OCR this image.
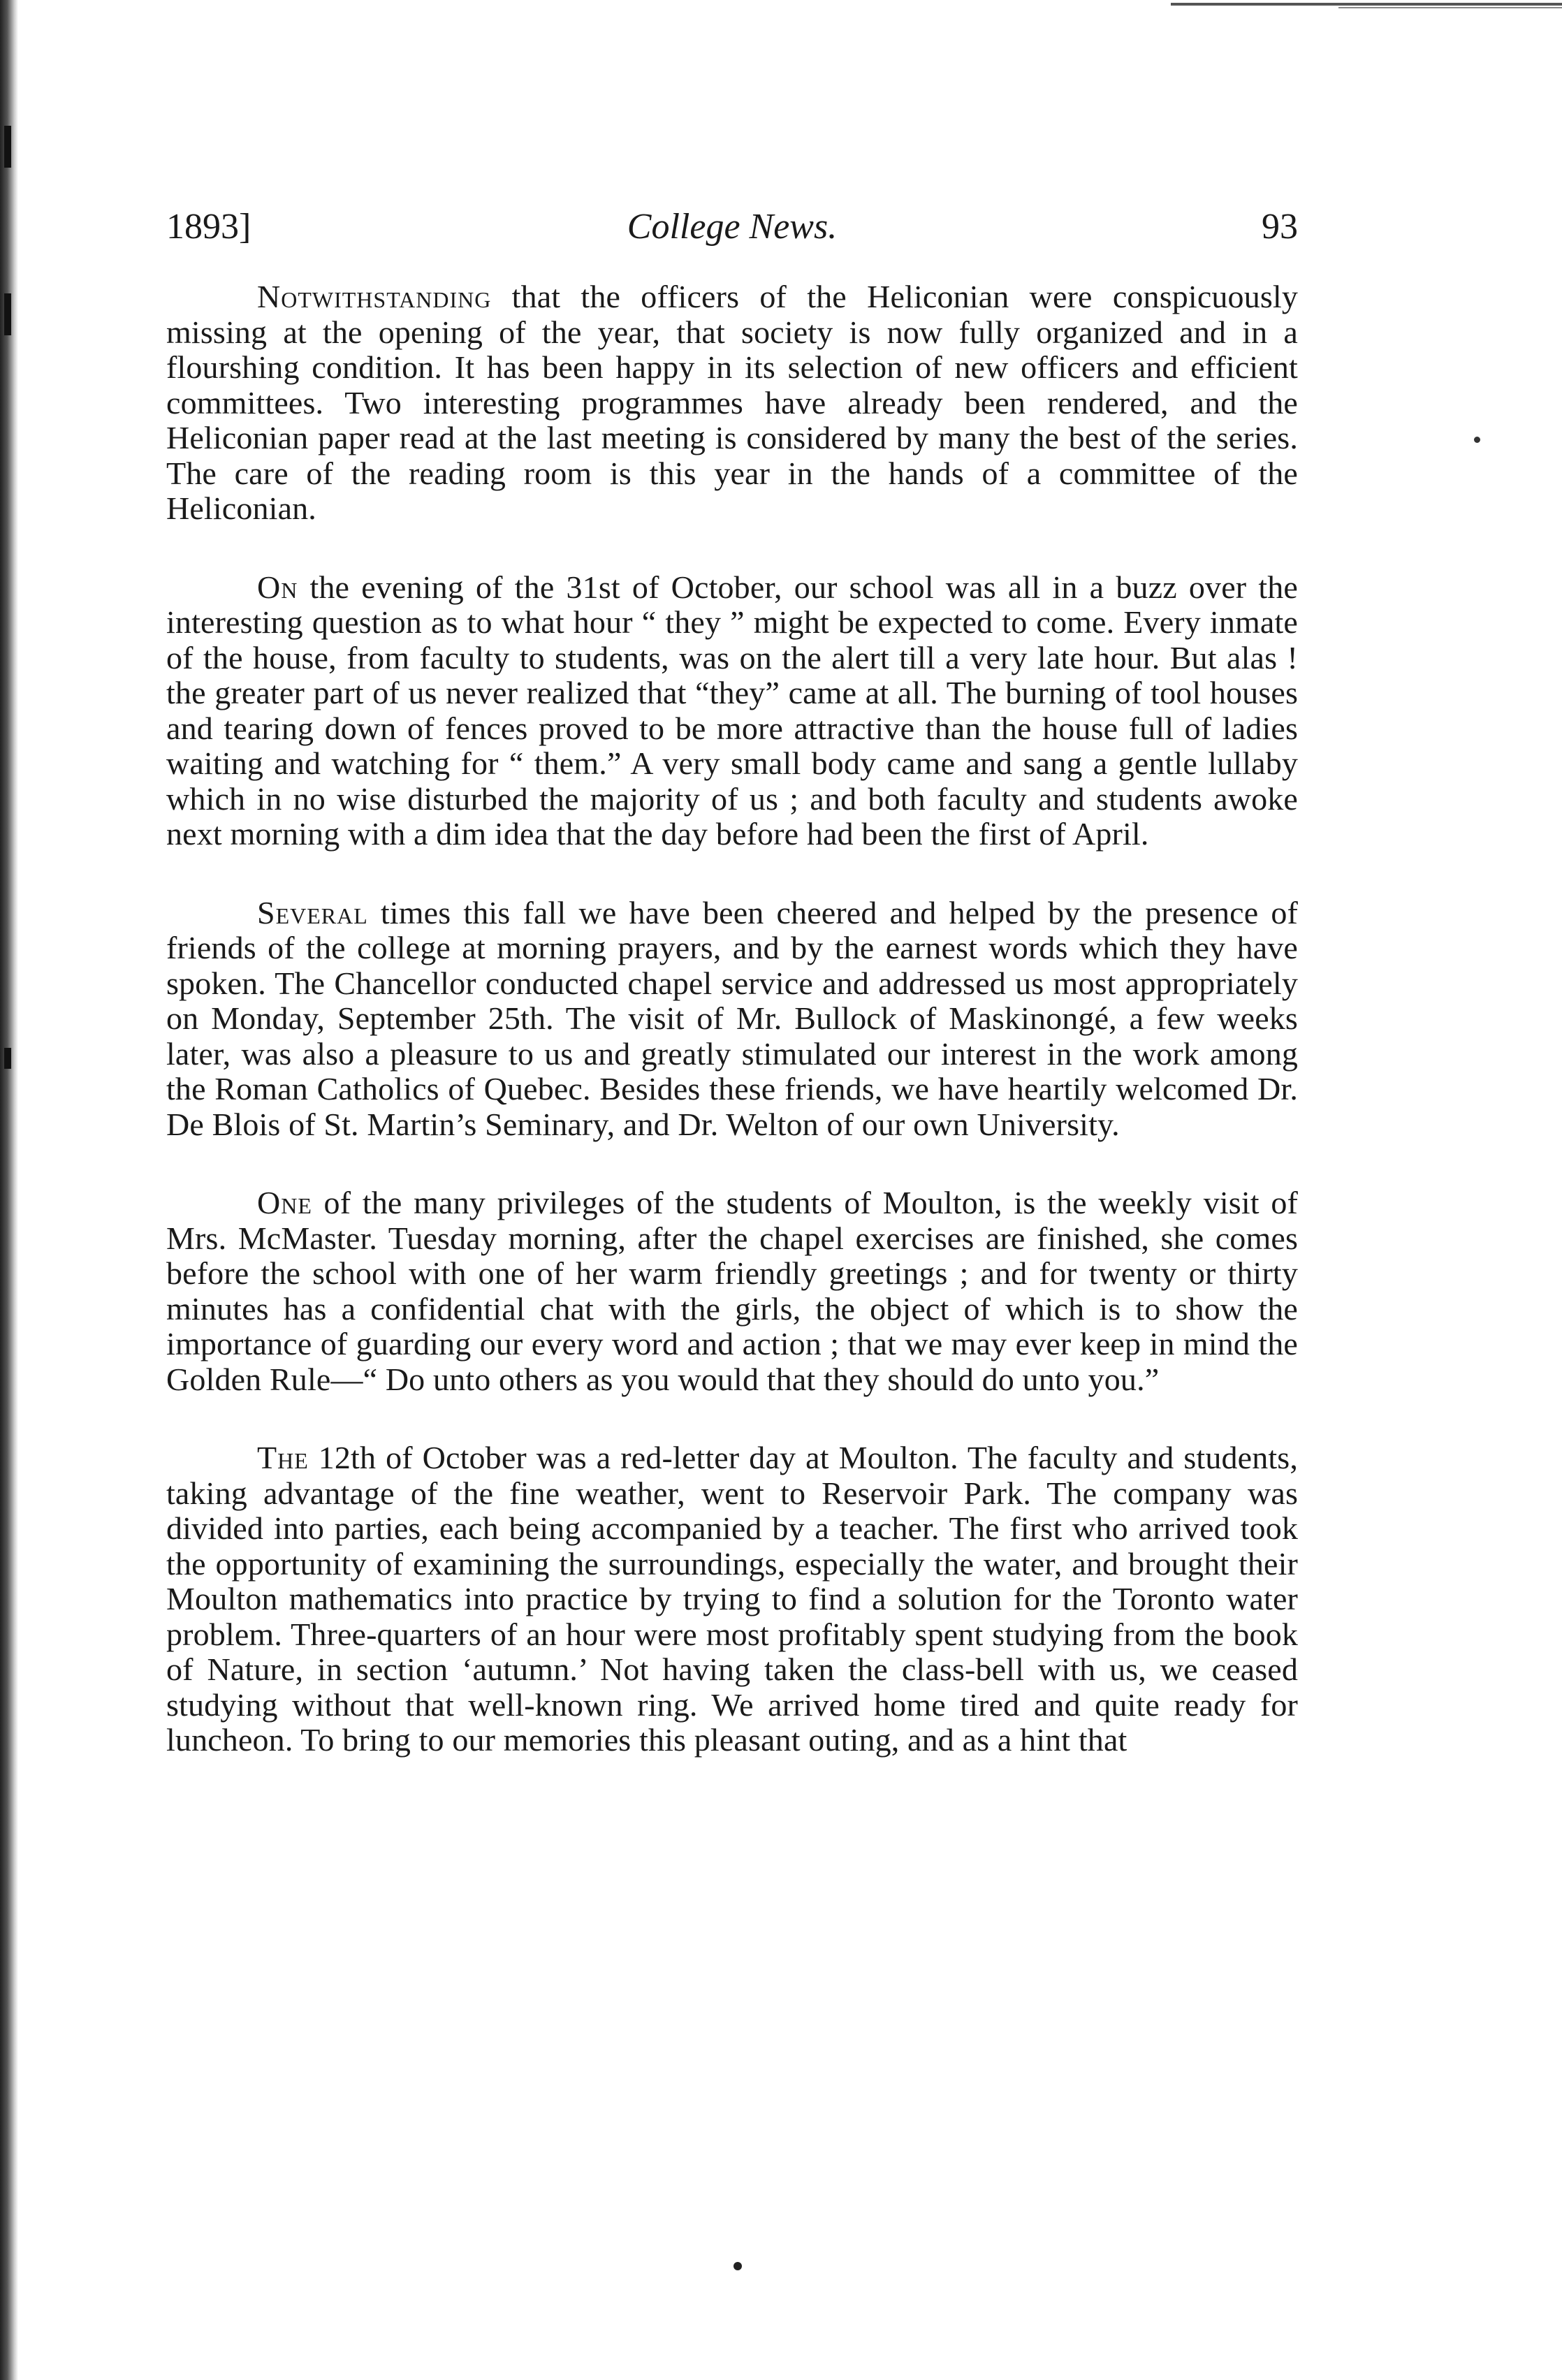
1893]	College News.	93

Notwithstanding that the officers of the Heliconian were conspicuously missing at the opening of the year, that society is now fully organized and in a flourshing condition. It has been happy in its selection of new officers and efficient committees. Two interesting programmes have already been rendered, and the Heliconian paper read at the last meeting is considered by many the best of the series. The care of the reading room is this year in the hands of a committee of the Heliconian.

On the evening of the 31st of October, our school was all in a buzz over the interesting question as to what hour “ they ” might be expected to come. Every inmate of the house, from faculty to students, was on the alert till a very late hour. But alas ! the greater part of us never realized that “they” came at all. The burning of tool houses and tearing down of fences proved to be more attractive than the house full of ladies waiting and watching for “ them.” A very small body came and sang a gentle lullaby which in no wise disturbed the majority of us ; and both faculty and students awoke next morning with a dim idea that the day before had been the first of April.

Several times this fall we have been cheered and helped by the presence of friends of the college at morning prayers, and by the earnest words which they have spoken. The Chancellor conducted chapel service and addressed us most appropriately on Monday, September 25th. The visit of Mr. Bullock of Maskinongé, a few weeks later, was also a pleasure to us and greatly stimulated our interest in the work among the Roman Catholics of Quebec. Besides these friends, we have heartily welcomed Dr. De Blois of St. Martin’s Seminary, and Dr. Welton of our own University.

One of the many privileges of the students of Moulton, is the weekly visit of Mrs. McMaster. Tuesday morning, after the chapel exercises are finished, she comes before the school with one of her warm friendly greetings ; and for twenty or thirty minutes has a confidential chat with the girls, the object of which is to show the importance of guarding our every word and action ; that we may ever keep in mind the Golden Rule—“ Do unto others as you would that they should do unto you.”

The 12th of October was a red-letter day at Moulton. The faculty and students, taking advantage of the fine weather, went to Reservoir Park. The company was divided into parties, each being accompanied by a teacher. The first who arrived took the opportunity of examining the surroundings, especially the water, and brought their Moulton mathematics into practice by trying to find a solution for the Toronto water problem. Three-quarters of an hour were most profitably spent studying from the book of Nature, in section ‘autumn.’ Not having taken the class-bell with us, we ceased studying without that well-known ring. We arrived home tired and quite ready for luncheon. To bring to our memories this pleasant outing, and as a hint that
